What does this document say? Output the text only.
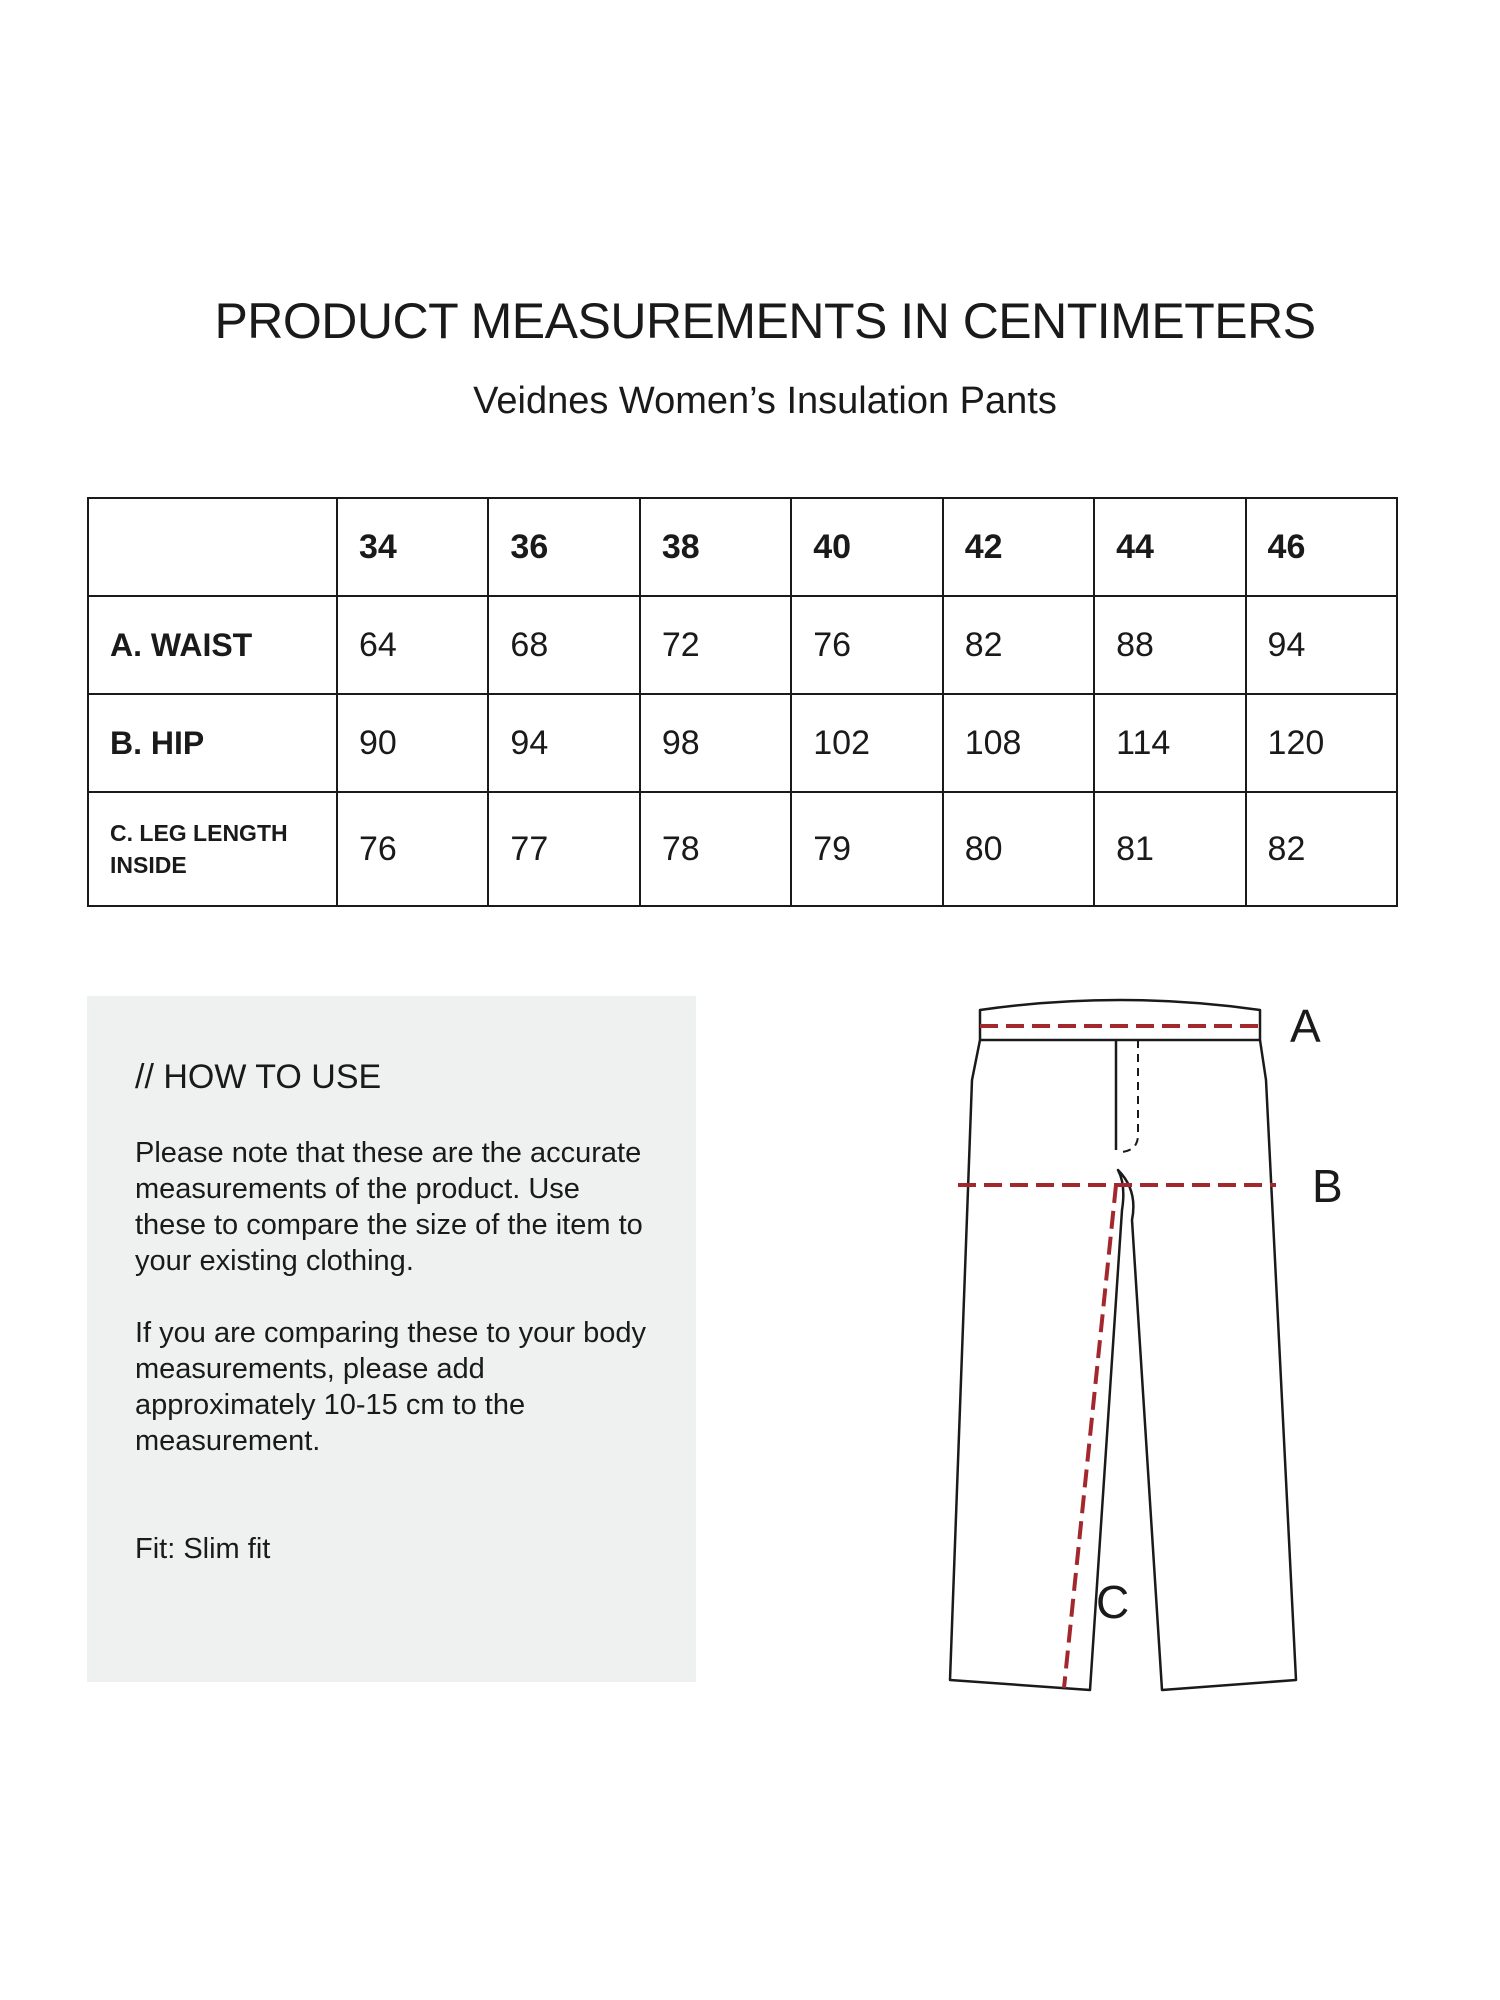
PRODUCT MEASUREMENTS IN CENTIMETERS
Veidnes Women’s Insulation Pants
	34	36	38	40	42	44	46
A. WAIST	64	68	72	76	82	88	94
B. HIP	90	94	98	102	108	114	120

C. LEG LENGTH
INSIDE	76	77	78	79	80	81	82
// HOW TO USE

Please note that these are the accurate measurements of the product. Use these to compare the size of the item to your existing clothing.

If you are comparing these to your body measurements, please add approximately 10-15 cm to the measurement.

Fit: Slim fit

A
B
C
